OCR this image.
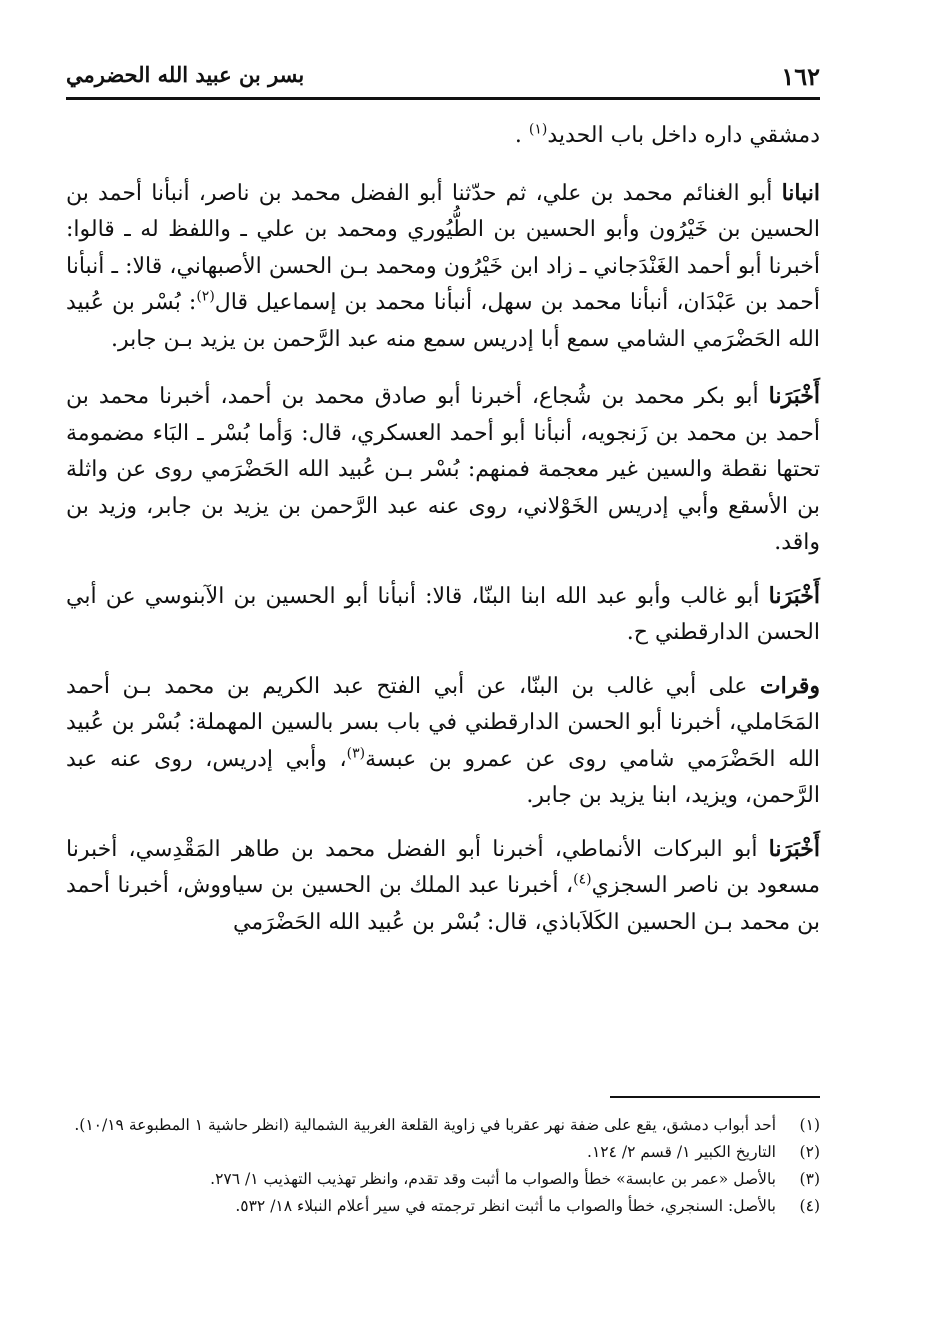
١٦٢
بسر بن عبيد الله الحضرمي

دمشقي داره داخل باب الحديد$^{(١)}$ .

انبانا أبو الغنائم محمد بن علي، ثم حدّثنا أبو الفضل محمد بن ناصر، أنبأنا أحمد بن الحسين بن خَيْرُون وأبو الحسين بن الطُّيُوري ومحمد بن علي ـ واللفظ له ـ قالوا: أخبرنا أبو أحمد الغَنْدَجاني ـ زاد ابن خَيْرُون ومحمد بـن الحسن الأصبهاني، قالا: ـ أنبأنا أحمد بن عَبْدَان، أنبأنا محمد بن سهل، أنبأنا محمد بن إسماعيل قال$^{(٢)}$: بُسْر بن عُبيد الله الحَضْرَمي الشامي سمع أبا إدريس سمع منه عبد الرَّحمن بن يزيد بـن جابر.

أَخْبَرَنا أبو بكر محمد بن شُجاع، أخبرنا أبو صادق محمد بن أحمد، أخبرنا محمد بن أحمد بن محمد بن زَنجويه، أنبأنا أبو أحمد العسكري، قال: وَأما بُسْر ـ البَاء مضمومة تحتها نقطة والسين غير معجمة فمنهم: بُسْر بـن عُبيد الله الحَضْرَمي روى عن واثلة بن الأسقع وأبي إدريس الخَوْلاني، روى عنه عبد الرَّحمن بن يزيد بن جابر، وزيد بن واقد.

أَخْبَرَنا أبو غالب وأبو عبد الله ابنا البنّا، قالا: أنبأنا أبو الحسين بن الآبنوسي عن أبي الحسن الدارقطني ح.

وقرات على أبي غالب بن البنّا، عن أبي الفتح عبد الكريم بن محمد بـن أحمد المَحَاملي، أخبرنا أبو الحسن الدارقطني في باب بسر بالسين المهملة: بُسْر بن عُبيد الله الحَضْرَمي شامي روى عن عمرو بن عبسة$^{(٣)}$، وأبي إدريس، روى عنه عبد الرَّحمن، ويزيد، ابنا يزيد بن جابر.

أَخْبَرَنا أبو البركات الأنماطي، أخبرنا أبو الفضل محمد بن طاهر المَقْدِسي، أخبرنا مسعود بن ناصر السجزي$^{(٤)}$، أخبرنا عبد الملك بن الحسين بن سياووش، أخبرنا أحمد بن محمد بـن الحسين الكَلاَباذي، قال: بُسْر بن عُبيد الله الحَضْرَمي

(١)
أحد أبواب دمشق، يقع على ضفة نهر عقربا في زاوية القلعة الغربية الشمالية (انظر حاشية ١ المطبوعة ١٠/١٩).
(٢)
التاريخ الكبير ١/ قسم ٢/ ١٢٤.
(٣)
بالأصل «عمر بن عابسة» خطأ والصواب ما أثبت وقد تقدم، وانظر تهذيب التهذيب ١/ ٢٧٦.
(٤)
بالأصل: السنجري، خطأ والصواب ما أثبت انظر ترجمته في سير أعلام النبلاء ١٨/ ٥٣٢.
